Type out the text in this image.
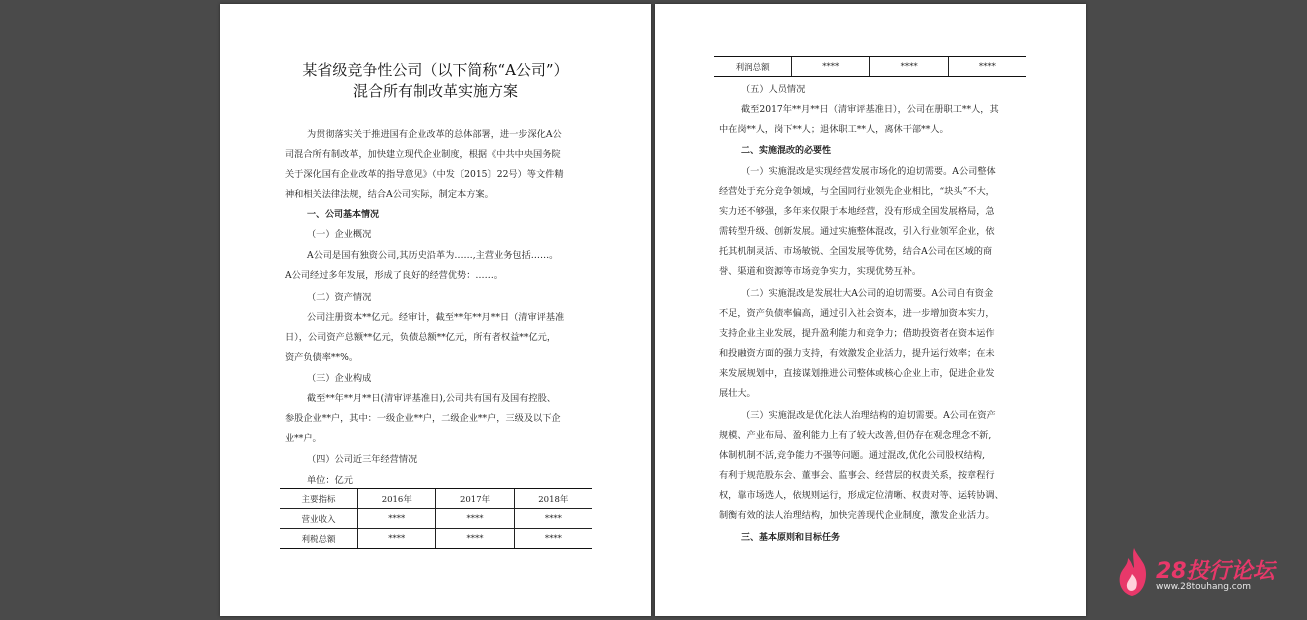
某省级竞争性公司（以下简称“A公司”）
混合所有制改革实施方案
为贯彻落实关于推进国有企业改革的总体部署，进一步深化A公
司混合所有制改革，加快建立现代企业制度，根据《中共中央国务院
关于深化国有企业改革的指导意见》（中发〔2015〕22号）等文件精
神和相关法律法规，结合A公司实际，制定本方案。
一、公司基本情况
（一）企业概况
A公司是国有独资公司,其历史沿革为……,主营业务包括……。
A公司经过多年发展，形成了良好的经营优势：……。
（二）资产情况
公司注册资本**亿元。经审计，截至**年**月**日（清审评基准
日），公司资产总额**亿元，负债总额**亿元，所有者权益**亿元，
资产负债率**%。
（三）企业构成
截至**年**月**日(清审评基准日),公司共有国有及国有控股、
参股企业**户，其中：一级企业**户，二级企业**户，三级及以下企
业**户。
（四）公司近三年经营情况
单位：亿元
主要指标	2016年	2017年	2018年
营业收入	****	****	****
利税总额	****	****	****
利润总额	****	****	****
（五）人员情况
截至2017年**月**日（清审评基准日），公司在册职工**人，其
中在岗**人，岗下**人；退休职工**人，离休干部**人。
二、实施混改的必要性
（一）实施混改是实现经营发展市场化的迫切需要。A公司整体
经营处于充分竞争领域，与全国同行业领先企业相比，“块头”不大，
实力还不够强，多年来仅限于本地经营，没有形成全国发展格局，急
需转型升级、创新发展。通过实施整体混改，引入行业领军企业，依
托其机制灵活、市场敏锐、全国发展等优势，结合A公司在区域的商
誉、渠道和资源等市场竞争实力，实现优势互补。
（二）实施混改是发展壮大A公司的迫切需要。A公司自有资金
不足，资产负债率偏高，通过引入社会资本，进一步增加资本实力，
支持企业主业发展，提升盈利能力和竞争力；借助投资者在资本运作
和投融资方面的强力支持，有效激发企业活力，提升运行效率；在未
来发展规划中，直接谋划推进公司整体或核心企业上市，促进企业发
展壮大。
（三）实施混改是优化法人治理结构的迫切需要。A公司在资产
规模、产业布局、盈利能力上有了较大改善,但仍存在观念理念不新,
体制机制不活,竞争能力不强等问题。通过混改,优化公司股权结构,
有利于规范股东会、董事会、监事会、经营层的权责关系，按章程行
权，靠市场选人，依规则运行，形成定位清晰、权责对等、运转协调、
制衡有效的法人治理结构，加快完善现代企业制度，激发企业活力。
三、基本原则和目标任务
28投行论坛
www.28touhang.com
